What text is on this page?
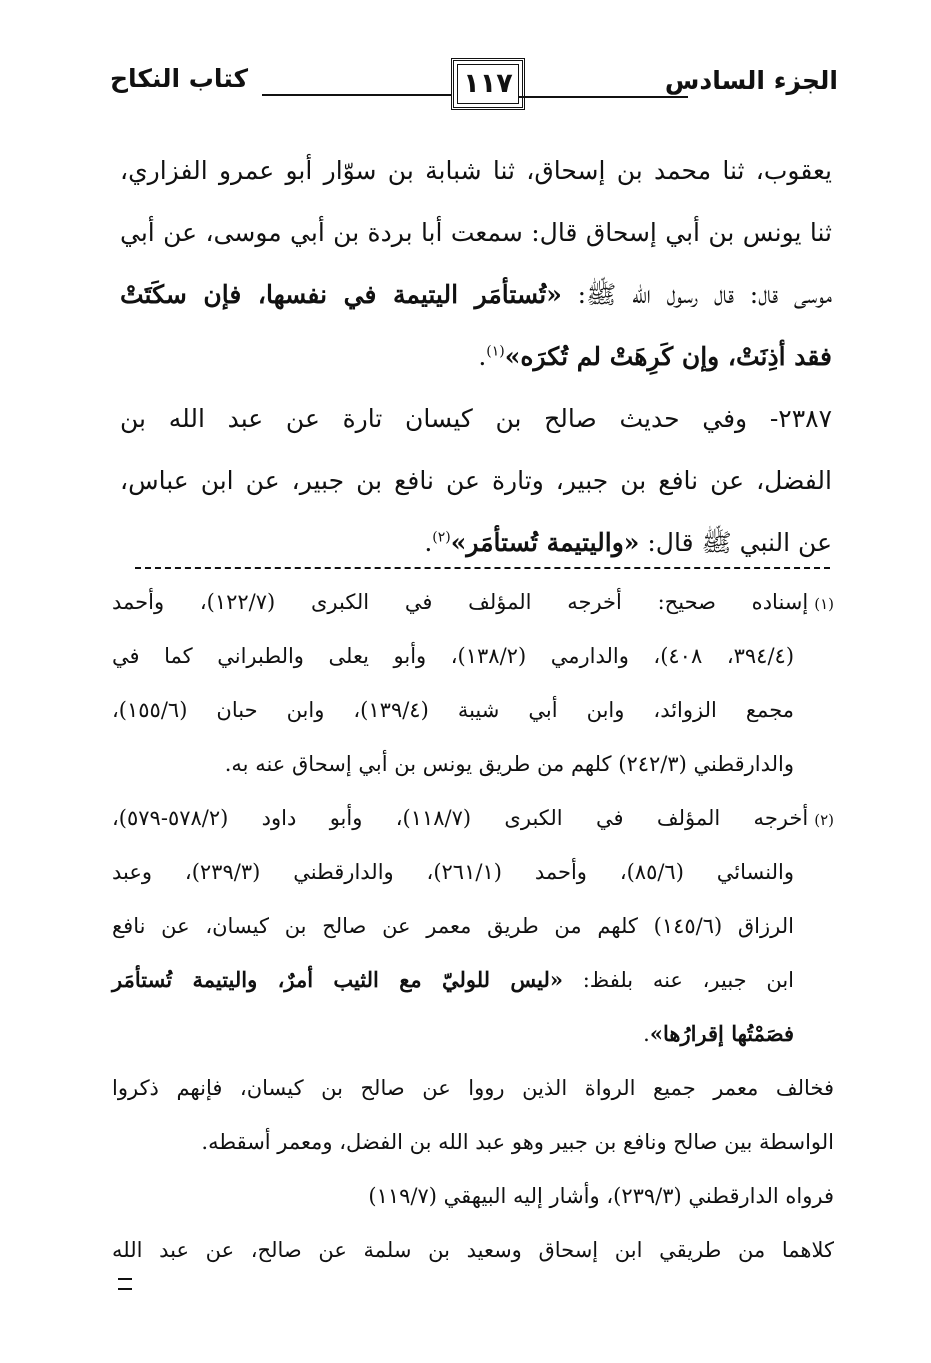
الجزء السادس
١١٧
كتاب النكاح
يعقوب، ثنا محمد بن إسحاق، ثنا شبابة بن سوّار أبو عمرو الفزاري،
ثنا يونس بن أبي إسحاق قال: سمعت أبا بردة بن أبي موسى، عن أبي
موسى قال: قال رسول الله ﷺ: «تُستأمَر اليتيمة في نفسها، فإن سكَتَتْ
فقد أذِنَتْ، وإن كَرِهَتْ لم تُكرَه»$^{(١)}$.
٢٣٨٧- وفي حديث صالح بن كيسان تارة عن عبد الله بن
الفضل، عن نافع بن جبير، وتارة عن نافع بن جبير، عن ابن عباس،
عن النبي ﷺ قال: «واليتيمة تُستأمَر»$^{(٢)}$.
(١)إسناده صحيح: أخرجه المؤلف في الكبرى (١٢٢/٧)، وأحمد
(٣٩٤/٤، ٤٠٨)، والدارمي (١٣٨/٢)، وأبو يعلى والطبراني كما في
مجمع الزوائد، وابن أبي شيبة (١٣٩/٤)، وابن حبان (١٥٥/٦)،
والدارقطني (٢٤٢/٣) كلهم من طريق يونس بن أبي إسحاق عنه به.
(٢)أخرجه المؤلف في الكبرى (١١٨/٧)، وأبو داود (٥٧٨/٢-٥٧٩)،
والنسائي (٨٥/٦)، وأحمد (٢٦١/١)، والدارقطني (٢٣٩/٣)، وعبد
الرزاق (١٤٥/٦) كلهم من طريق معمر عن صالح بن كيسان، عن نافع
ابن جبير، عنه بلفظ: «ليس للوليّ مع الثيب أمرٌ، واليتيمة تُستأمَر
فصَمْتُها إقرارُها».
فخالف معمر جميع الرواة الذين رووا عن صالح بن كيسان، فإنهم ذكروا
الواسطة بين صالح ونافع بن جبير وهو عبد الله بن الفضل، ومعمر أسقطه.
فرواه الدارقطني (٢٣٩/٣)، وأشار إليه البيهقي (١١٩/٧)
كلاهما من طريقي ابن إسحاق وسعيد بن سلمة عن صالح، عن عبد الله
